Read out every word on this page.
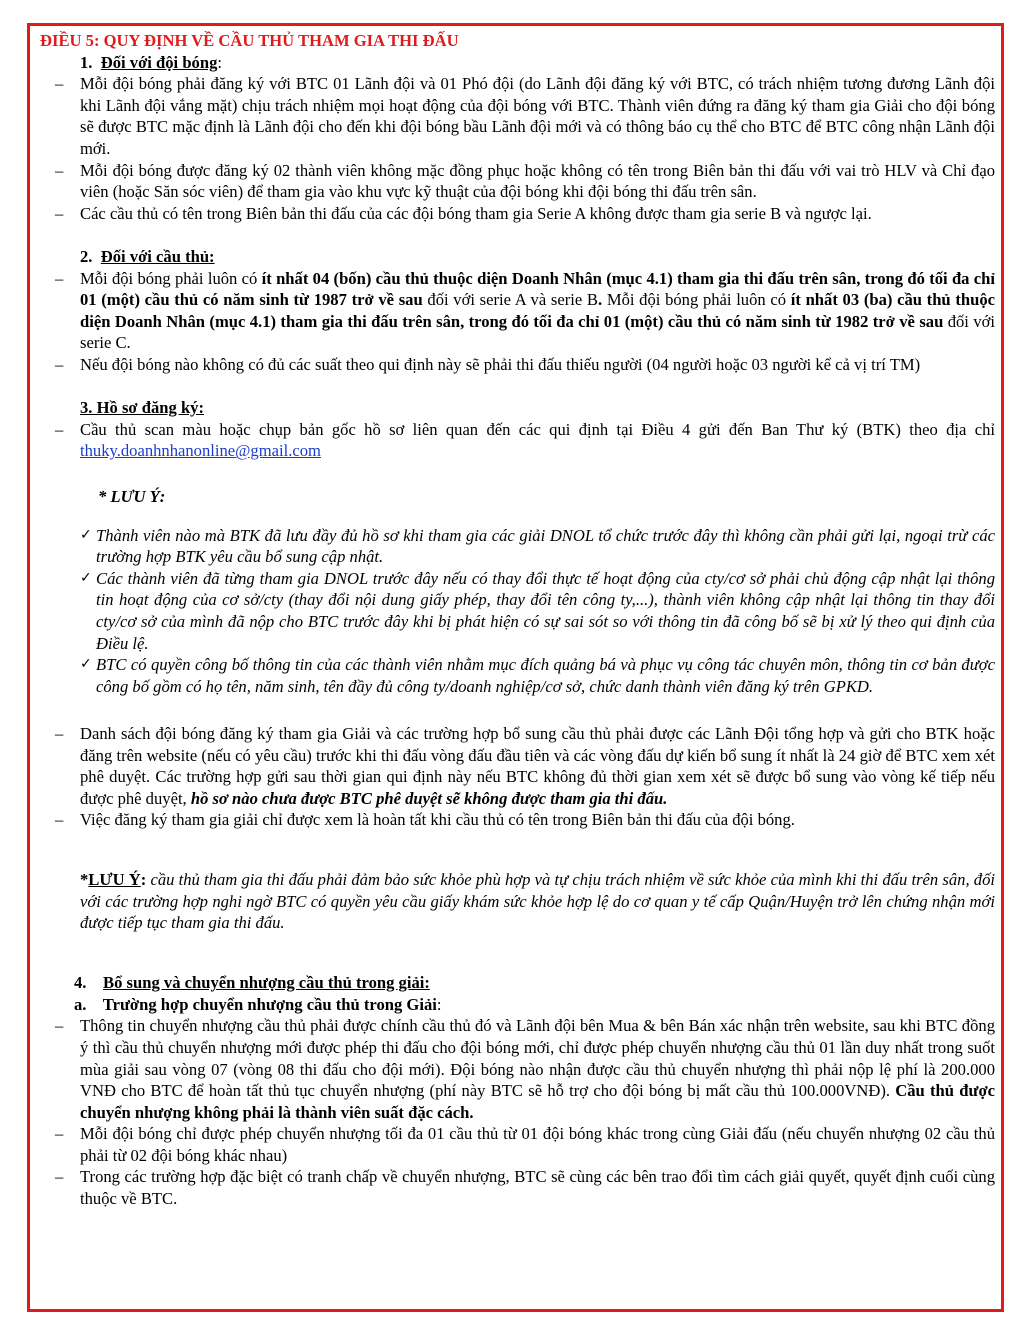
ĐIỀU 5: QUY ĐỊNH VỀ CẦU THỦ THAM GIA THI ĐẤU

1. Đối với đội bóng:

– Mỗi đội bóng phải đăng ký với BTC 01 Lãnh đội và 01 Phó đội (do Lãnh đội đăng ký với BTC, có trách nhiệm tương đương Lãnh đội khi Lãnh đội vắng mặt) chịu trách nhiệm mọi hoạt động của đội bóng với BTC. Thành viên đứng ra đăng ký tham gia Giải cho đội bóng sẽ được BTC mặc định là Lãnh đội cho đến khi đội bóng bầu Lãnh đội mới và có thông báo cụ thể cho BTC để BTC công nhận Lãnh đội mới.

– Mỗi đội bóng được đăng ký 02 thành viên không mặc đồng phục hoặc không có tên trong Biên bản thi đấu với vai trò HLV và Chỉ đạo viên (hoặc Săn sóc viên) để tham gia vào khu vực kỹ thuật của đội bóng khi đội bóng thi đấu trên sân.

– Các cầu thủ có tên trong Biên bản thi đấu của các đội bóng tham gia Serie A không được tham gia serie B và ngược lại.

2. Đối với cầu thủ:

– Mỗi đội bóng phải luôn có ít nhất 04 (bốn) cầu thủ thuộc diện Doanh Nhân (mục 4.1) tham gia thi đấu trên sân, trong đó tối đa chỉ 01 (một) cầu thủ có năm sinh từ 1987 trở về sau đối với serie A và serie B. Mỗi đội bóng phải luôn có ít nhất 03 (ba) cầu thủ thuộc diện Doanh Nhân (mục 4.1) tham gia thi đấu trên sân, trong đó tối đa chỉ 01 (một) cầu thủ có năm sinh từ 1982 trở về sau đối với serie C.

– Nếu đội bóng nào không có đủ các suất theo qui định này sẽ phải thi đấu thiếu người (04 người hoặc 03 người kể cả vị trí TM)

3. Hồ sơ đăng ký:

– Cầu thủ scan màu hoặc chụp bản gốc hồ sơ liên quan đến các qui định tại Điều 4 gửi đến Ban Thư ký (BTK) theo địa chỉ thuky.doanhnhanonline@gmail.com

* LƯU Ý:

✓ Thành viên nào mà BTK đã lưu đầy đủ hồ sơ khi tham gia các giải DNOL tổ chức trước đây thì không cần phải gửi lại, ngoại trừ các trường hợp BTK yêu cầu bổ sung cập nhật.

✓ Các thành viên đã từng tham gia DNOL trước đây nếu có thay đổi thực tế hoạt động của cty/cơ sở phải chủ động cập nhật lại thông tin hoạt động của cơ sở/cty (thay đổi nội dung giấy phép, thay đổi tên công ty,...), thành viên không cập nhật lại thông tin thay đổi cty/cơ sở của mình đã nộp cho BTC trước đây khi bị phát hiện có sự sai sót so với thông tin đã công bố sẽ bị xử lý theo qui định của Điều lệ.

✓ BTC có quyền công bố thông tin của các thành viên nhằm mục đích quảng bá và phục vụ công tác chuyên môn, thông tin cơ bản được công bố gồm có họ tên, năm sinh, tên đầy đủ công ty/doanh nghiệp/cơ sở, chức danh thành viên đăng ký trên GPKD.

– Danh sách đội bóng đăng ký tham gia Giải và các trường hợp bổ sung cầu thủ phải được các Lãnh Đội tổng hợp và gửi cho BTK hoặc đăng trên website (nếu có yêu cầu) trước khi thi đấu vòng đấu đầu tiên và các vòng đấu dự kiến bổ sung ít nhất là 24 giờ để BTC xem xét phê duyệt. Các trường hợp gửi sau thời gian qui định này nếu BTC không đủ thời gian xem xét sẽ được bổ sung vào vòng kế tiếp nếu được phê duyệt, hồ sơ nào chưa được BTC phê duyệt sẽ không được tham gia thi đấu.

– Việc đăng ký tham gia giải chỉ được xem là hoàn tất khi cầu thủ có tên trong Biên bản thi đấu của đội bóng.

*LƯU Ý: cầu thủ tham gia thi đấu phải đảm bảo sức khỏe phù hợp và tự chịu trách nhiệm về sức khỏe của mình khi thi đấu trên sân, đối với các trường hợp nghi ngờ BTC có quyền yêu cầu giấy khám sức khỏe hợp lệ do cơ quan y tế cấp Quận/Huyện trở lên chứng nhận mới được tiếp tục tham gia thi đấu.

4. Bổ sung và chuyển nhượng cầu thủ trong giải:

a. Trường hợp chuyển nhượng cầu thủ trong Giải:

– Thông tin chuyển nhượng cầu thủ phải được chính cầu thủ đó và Lãnh đội bên Mua & bên Bán xác nhận trên website, sau khi BTC đồng ý thì cầu thủ chuyển nhượng mới được phép thi đấu cho đội bóng mới, chỉ được phép chuyển nhượng cầu thủ 01 lần duy nhất trong suốt mùa giải sau vòng 07 (vòng 08 thi đấu cho đội mới). Đội bóng nào nhận được cầu thủ chuyển nhượng thì phải nộp lệ phí là 200.000 VNĐ cho BTC để hoàn tất thủ tục chuyển nhượng (phí này BTC sẽ hỗ trợ cho đội bóng bị mất cầu thủ 100.000VNĐ). Cầu thủ được chuyển nhượng không phải là thành viên suất đặc cách.

– Mỗi đội bóng chỉ được phép chuyển nhượng tối đa 01 cầu thủ từ 01 đội bóng khác trong cùng Giải đấu (nếu chuyển nhượng 02 cầu thủ phải từ 02 đội bóng khác nhau)

– Trong các trường hợp đặc biệt có tranh chấp về chuyển nhượng, BTC sẽ cùng các bên trao đổi tìm cách giải quyết, quyết định cuối cùng thuộc về BTC.
